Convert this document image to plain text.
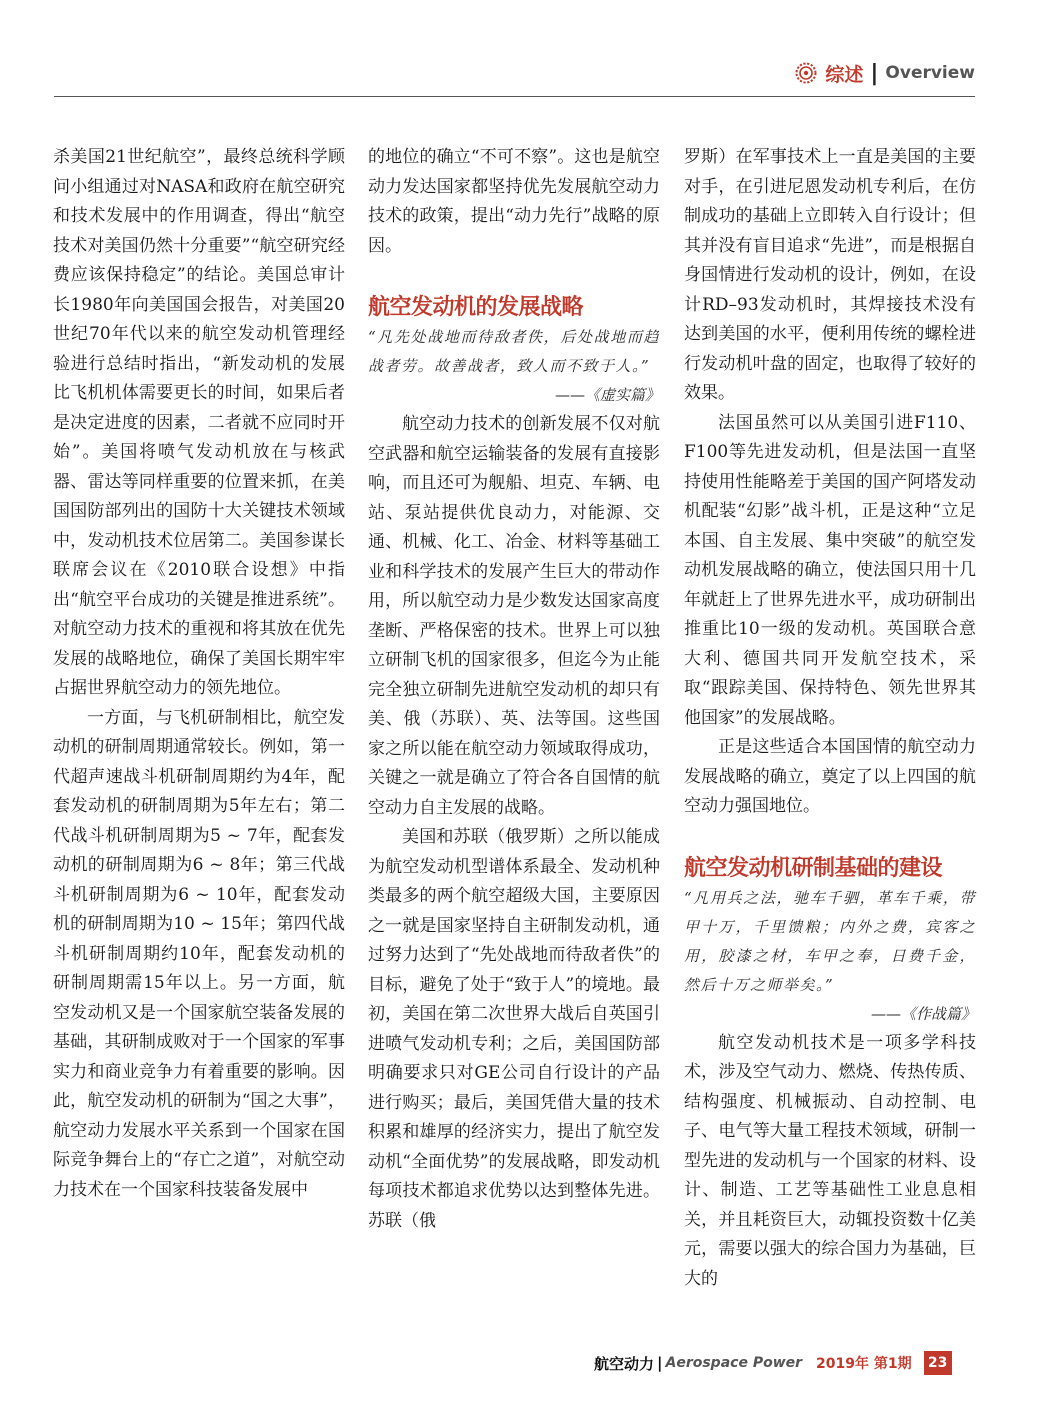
综述 | Overview

杀美国21世纪航空”，最终总统科学顾问小组通过对NASA和政府在航空研究和技术发展中的作用调查，得出“航空技术对美国仍然十分重要”“航空研究经费应该保持稳定”的结论。美国总审计长1980年向美国国会报告，对美国20世纪70年代以来的航空发动机管理经验进行总结时指出，“新发动机的发展比飞机机体需要更长的时间，如果后者是决定进度的因素，二者就不应同时开始”。美国将喷气发动机放在与核武器、雷达等同样重要的位置来抓，在美国国防部列出的国防十大关键技术领域中，发动机技术位居第二。美国参谋长联席会议在《2010联合设想》中指出“航空平台成功的关键是推进系统”。对航空动力技术的重视和将其放在优先发展的战略地位，确保了美国长期牢牢占据世界航空动力的领先地位。

一方面，与飞机研制相比，航空发动机的研制周期通常较长。例如，第一代超声速战斗机研制周期约为4年，配套发动机的研制周期为5年左右；第二代战斗机研制周期为5 ~ 7年，配套发动机的研制周期为6 ~ 8年；第三代战斗机研制周期为6 ~ 10年，配套发动机的研制周期为10 ~ 15年；第四代战斗机研制周期约10年，配套发动机的研制周期需15年以上。另一方面，航空发动机又是一个国家航空装备发展的基础，其研制成败对于一个国家的军事实力和商业竞争力有着重要的影响。因此，航空发动机的研制为“国之大事”，航空动力发展水平关系到一个国家在国际竞争舞台上的“存亡之道”，对航空动力技术在一个国家科技装备发展中

的地位的确立“不可不察”。这也是航空动力发达国家都坚持优先发展航空动力技术的政策，提出“动力先行”战略的原因。

航空发动机的发展战略
“凡先处战地而待敌者佚，后处战地而趋战者劳。故善战者，致人而不致于人。”
——《虚实篇》

航空动力技术的创新发展不仅对航空武器和航空运输装备的发展有直接影响，而且还可为舰船、坦克、车辆、电站、泵站提供优良动力，对能源、交通、机械、化工、冶金、材料等基础工业和科学技术的发展产生巨大的带动作用，所以航空动力是少数发达国家高度垄断、严格保密的技术。世界上可以独立研制飞机的国家很多，但迄今为止能完全独立研制先进航空发动机的却只有美、俄（苏联）、英、法等国。这些国家之所以能在航空动力领域取得成功，关键之一就是确立了符合各自国情的航空动力自主发展的战略。

美国和苏联（俄罗斯）之所以能成为航空发动机型谱体系最全、发动机种类最多的两个航空超级大国，主要原因之一就是国家坚持自主研制发动机，通过努力达到了“先处战地而待敌者佚”的目标，避免了处于“致于人”的境地。最初，美国在第二次世界大战后自英国引进喷气发动机专利；之后，美国国防部明确要求只对GE公司自行设计的产品进行购买；最后，美国凭借大量的技术积累和雄厚的经济实力，提出了航空发动机“全面优势”的发展战略，即发动机每项技术都追求优势以达到整体先进。苏联（俄

罗斯）在军事技术上一直是美国的主要对手，在引进尼恩发动机专利后，在仿制成功的基础上立即转入自行设计；但其并没有盲目追求“先进”，而是根据自身国情进行发动机的设计，例如，在设计RD–93发动机时，其焊接技术没有达到美国的水平，便利用传统的螺栓进行发动机叶盘的固定，也取得了较好的效果。

法国虽然可以从美国引进F110、F100等先进发动机，但是法国一直坚持使用性能略差于美国的国产阿塔发动机配装“幻影”战斗机，正是这种“立足本国、自主发展、集中突破”的航空发动机发展战略的确立，使法国只用十几年就赶上了世界先进水平，成功研制出推重比10一级的发动机。英国联合意大利、德国共同开发航空技术，采取“跟踪美国、保持特色、领先世界其他国家”的发展战略。

正是这些适合本国国情的航空动力发展战略的确立，奠定了以上四国的航空动力强国地位。

航空发动机研制基础的建设
“凡用兵之法，驰车千驷，革车千乘，带甲十万，千里馈粮；内外之费，宾客之用，胶漆之材，车甲之奉，日费千金，然后十万之师举矣。”
——《作战篇》

航空发动机技术是一项多学科技术，涉及空气动力、燃烧、传热传质、结构强度、机械振动、自动控制、电子、电气等大量工程技术领域，研制一型先进的发动机与一个国家的材料、设计、制造、工艺等基础性工业息息相关，并且耗资巨大，动辄投资数十亿美元，需要以强大的综合国力为基础，巨大的

航空动力 | Aerospace Power 2019年 第1期	23
